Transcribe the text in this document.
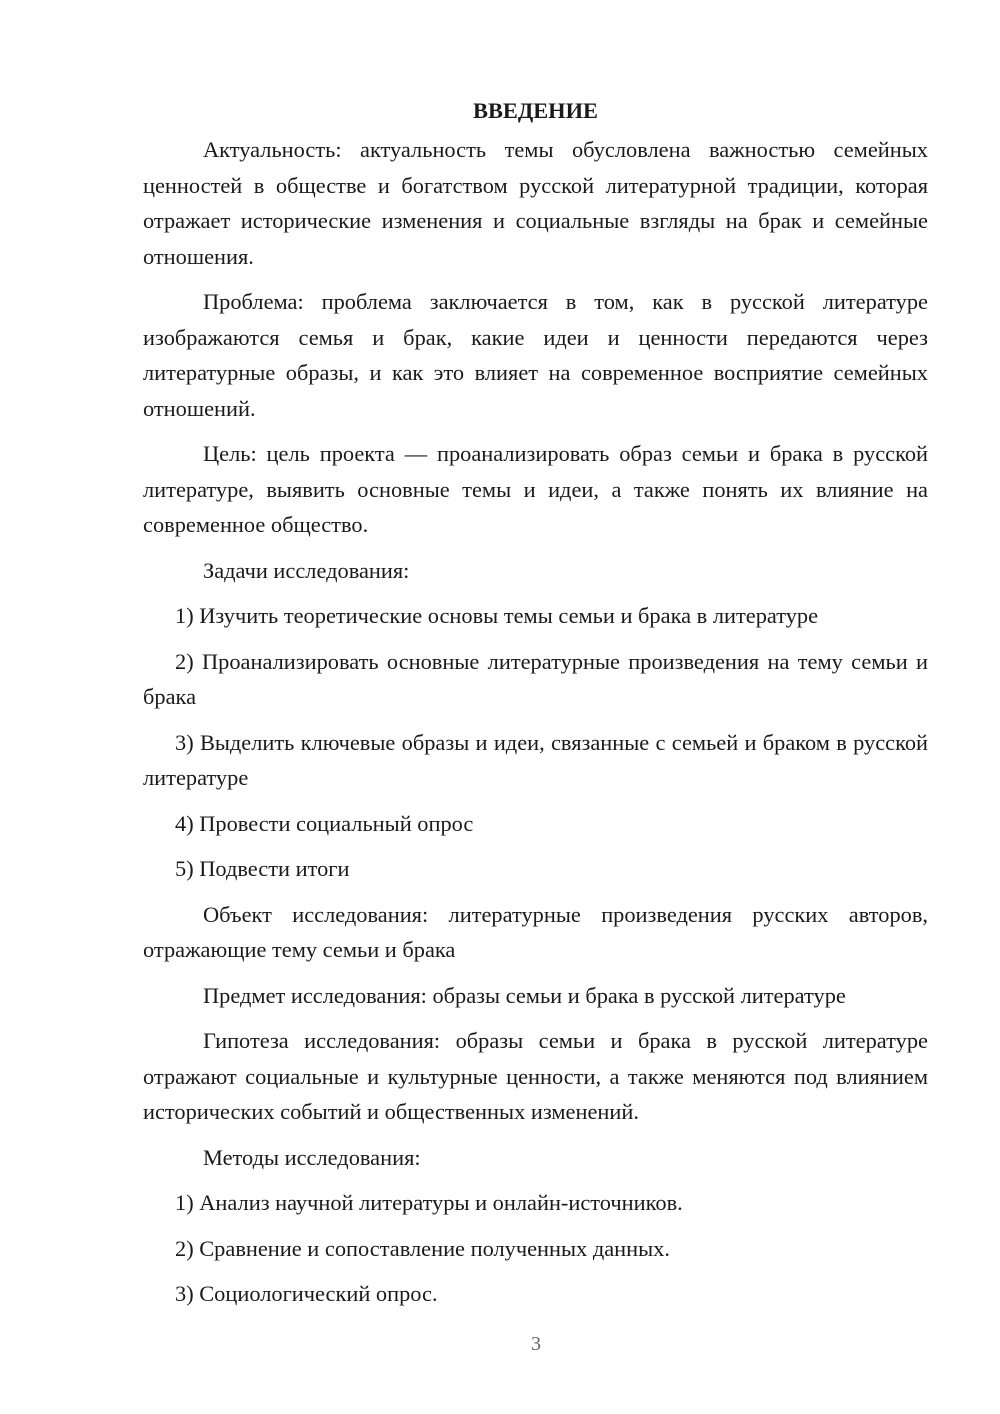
ВВЕДЕНИЕ

Актуальность: актуальность темы обусловлена важностью семейных ценностей в обществе и богатством русской литературной традиции, которая отражает исторические изменения и социальные взгляды на брак и семейные отношения.

Проблема: проблема заключается в том, как в русской литературе изображаются семья и брак, какие идеи и ценности передаются через литературные образы, и как это влияет на современное восприятие семейных отношений.

Цель: цель проекта — проанализировать образ семьи и брака в русской литературе, выявить основные темы и идеи, а также понять их влияние на современное общество.

Задачи исследования:

1) Изучить теоретические основы темы семьи и брака в литературе

2) Проанализировать основные литературные произведения на тему семьи и брака

3) Выделить ключевые образы и идеи, связанные с семьей и браком в русской литературе

4) Провести социальный опрос

5) Подвести итоги

Объект исследования: литературные произведения русских авторов, отражающие тему семьи и брака

Предмет исследования: образы семьи и брака в русской литературе

Гипотеза исследования: образы семьи и брака в русской литературе отражают социальные и культурные ценности, а также меняются под влиянием исторических событий и общественных изменений.

Методы исследования:

1) Анализ научной литературы и онлайн-источников.

2) Сравнение и сопоставление полученных данных.

3) Социологический опрос.

3
